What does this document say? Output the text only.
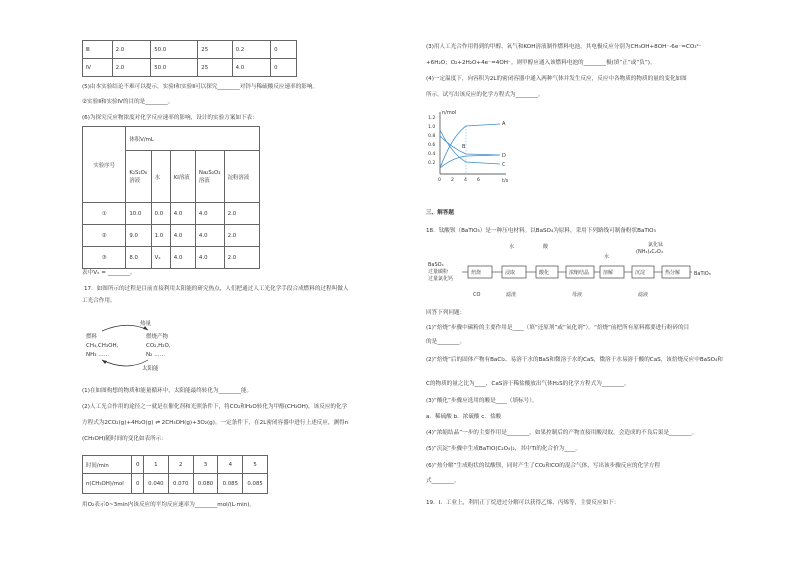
Ⅲ	2.0	50.0	25	0.2	0
Ⅳ	2.0	50.0	25	4.0	0
(5)由本实验结论不难可以提示，实验Ⅰ和实验Ⅱ可以探究________对锌与稀硫酸反应速率的影响。
②实验Ⅱ和实验Ⅳ的目的是________。
(6)为探究反应物浓度对化学反应速率的影响，设计的实验方案如下表：
实验序号	体积V/mL				
	K₂S₂O₈溶液	水	KI溶液	Na₂S₂O₃溶液	淀粉溶液
①	10.0	0.0	4.0	4.0	2.0
②	9.0	1.0	4.0	4.0	2.0
③	8.0	Vₓ	4.0	4.0	2.0
表中Vₓ = ________。
17．如图所示的过程是目前直接利用太阳能的研究热点，人们把通过人工光化学手段合成燃料的过程叫做人
工光合作用。
热量
燃料
CH₄,CH₃OH,
NH₃ ……
燃烧产物
CO₂,H₂O,
N₂ ……
太阳能
(1)在如图构想的物质和能量循环中，太阳能最终转化为________能。
(2)人工光合作用的途径之一就是在催化剂和光照条件下，将CO₂和H₂O转化为甲醇(CH₃OH)，该反应的化学
方程式为2CO₂(g)+4H₂O(g) ⇌ 2CH₃OH(g)+3O₂(g)。一定条件下，在2L密闭容器中进行上述反应，测得n
(CH₃OH)随时间的变化如表所示：
时间/min	0	1	2	3	4	5
n(CH₃OH)/mol	0	0.040	0.070	0.080	0.085	0.085
用O₂表示0~3min内该反应的平均反应速率为________mol/(L·min)。
(3)用人工光合作用得到的甲醇、氧气和KOH溶液制作燃料电池，其电极反应分别为CH₃OH+8OH⁻-6e⁻=CO₃²⁻
+6H₂O；O₂+2H₂O+4e⁻=4OH⁻。则甲醇应通入该燃料电池的________极(填“正”或“负”)。
(4)一定温度下，向容积为2L的密闭容器中通入两种气体并发生反应，反应中各物质的物质的量的变化如图
所示。试写出该反应的化学方程式为________。
n/mol
t/s
1.2
1.0
0.8
0.6
0.4
0.2
0 2 4 6
A
B
C
D
三、解答题
18．钛酸钡（BaTiO₃）是一种压电材料。以BaSO₄为原料，采用下列路线可制备粉状BaTiO₃
BaSO₄
过量碳粉
过量氯化钙
焙烧	浸取	酸化	浓缩结晶	溶解	沉淀	热分解
水	酸
水
氯化钛
(NH₄)₂C₂O₄
CO	滤渣	母液	滤液
BaTiO₃
回答下列问题：
(1)“焙烧”步骤中碳粉的主要作用是____（填“还原剂”或“氧化剂”）。“焙烧”前把所有原料都要进行粉碎的目
的是________。
(2)“焙烧”后的固体产物有BaCl₂、易溶于水的BaS和微溶于水的CaS，微溶于水易溶于酸的CaS，该焙烧反应中BaSO₄和
C的物质的量之比为____，CaS溶于稀盐酸放出气体H₂S的化学方程式为________。
(3)“酸化”步骤应选用的酸是____（填标号）。
a．稀硫酸 b．浓硫酸 c．盐酸
(4)“浓缩结晶”一步的主要作用是________，如果控制后的产物直接用酸浸取，会造成的不良后果是________。
(5)“沉淀”步骤中生成BaTiO(C₂O₄)₂，其中Ti的化合价为____。
(6)“热分解”生成粉状的钛酸钡，同时产生了CO₂和CO的混合气体，写出该步骤反应的化学方程
式________。
19．Ⅰ．工业上，利用正丁烷进过分解可以获得乙烯、丙烯等，主要反应如下：
